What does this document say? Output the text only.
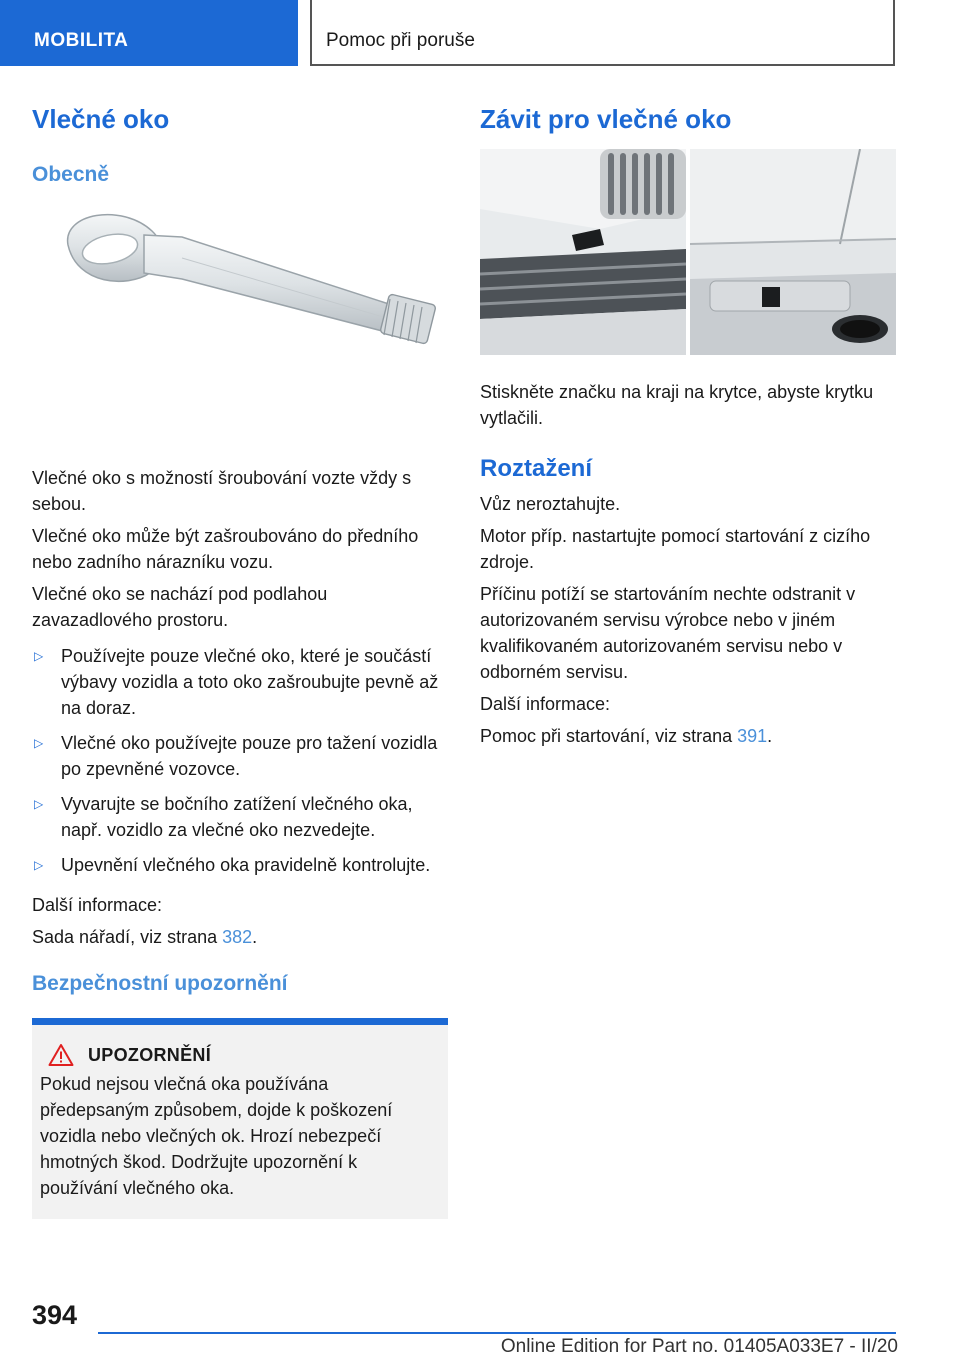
MOBILITA	Pomoc při poruše
Vlečné oko
Obecně

Vlečné oko s možností šroubování vozte vždy s sebou.

Vlečné oko může být zašroubováno do předního nebo zadního nárazníku vozu.

Vlečné oko se nachází pod podlahou zavazadlového prostoru.

▷ Používejte pouze vlečné oko, které je součástí výbavy vozidla a toto oko zašroubujte pevně až na doraz.
▷ Vlečné oko používejte pouze pro tažení vozidla po zpevněné vozovce.
▷ Vyvarujte se bočního zatížení vlečného oka, např. vozidlo za vlečné oko nezvedejte.
▷ Upevnění vlečného oka pravidelně kontrolujte.

Další informace:

Sada nářadí, viz strana 382.

Bezpečnostní upozornění
UPOZORNĚNÍ

Pokud nejsou vlečná oka používána předepsaným způsobem, dojde k poškození vozidla nebo vlečných ok. Hrozí nebezpečí hmotných škod. Dodržujte upozornění k používání vlečného oka.

Závit pro vlečné oko

Stiskněte značku na kraji na krytce, abyste krytku vytlačili.

Roztažení

Vůz neroztahujte.

Motor příp. nastartujte pomocí startování z cizího zdroje.

Příčinu potíží se startováním nechte odstranit v autorizovaném servisu výrobce nebo v jiném kvalifikovaném autorizovaném servisu nebo v odborném servisu.

Další informace:

Pomoc při startování, viz strana 391.

394
Online Edition for Part no. 01405A033E7 - II/20
